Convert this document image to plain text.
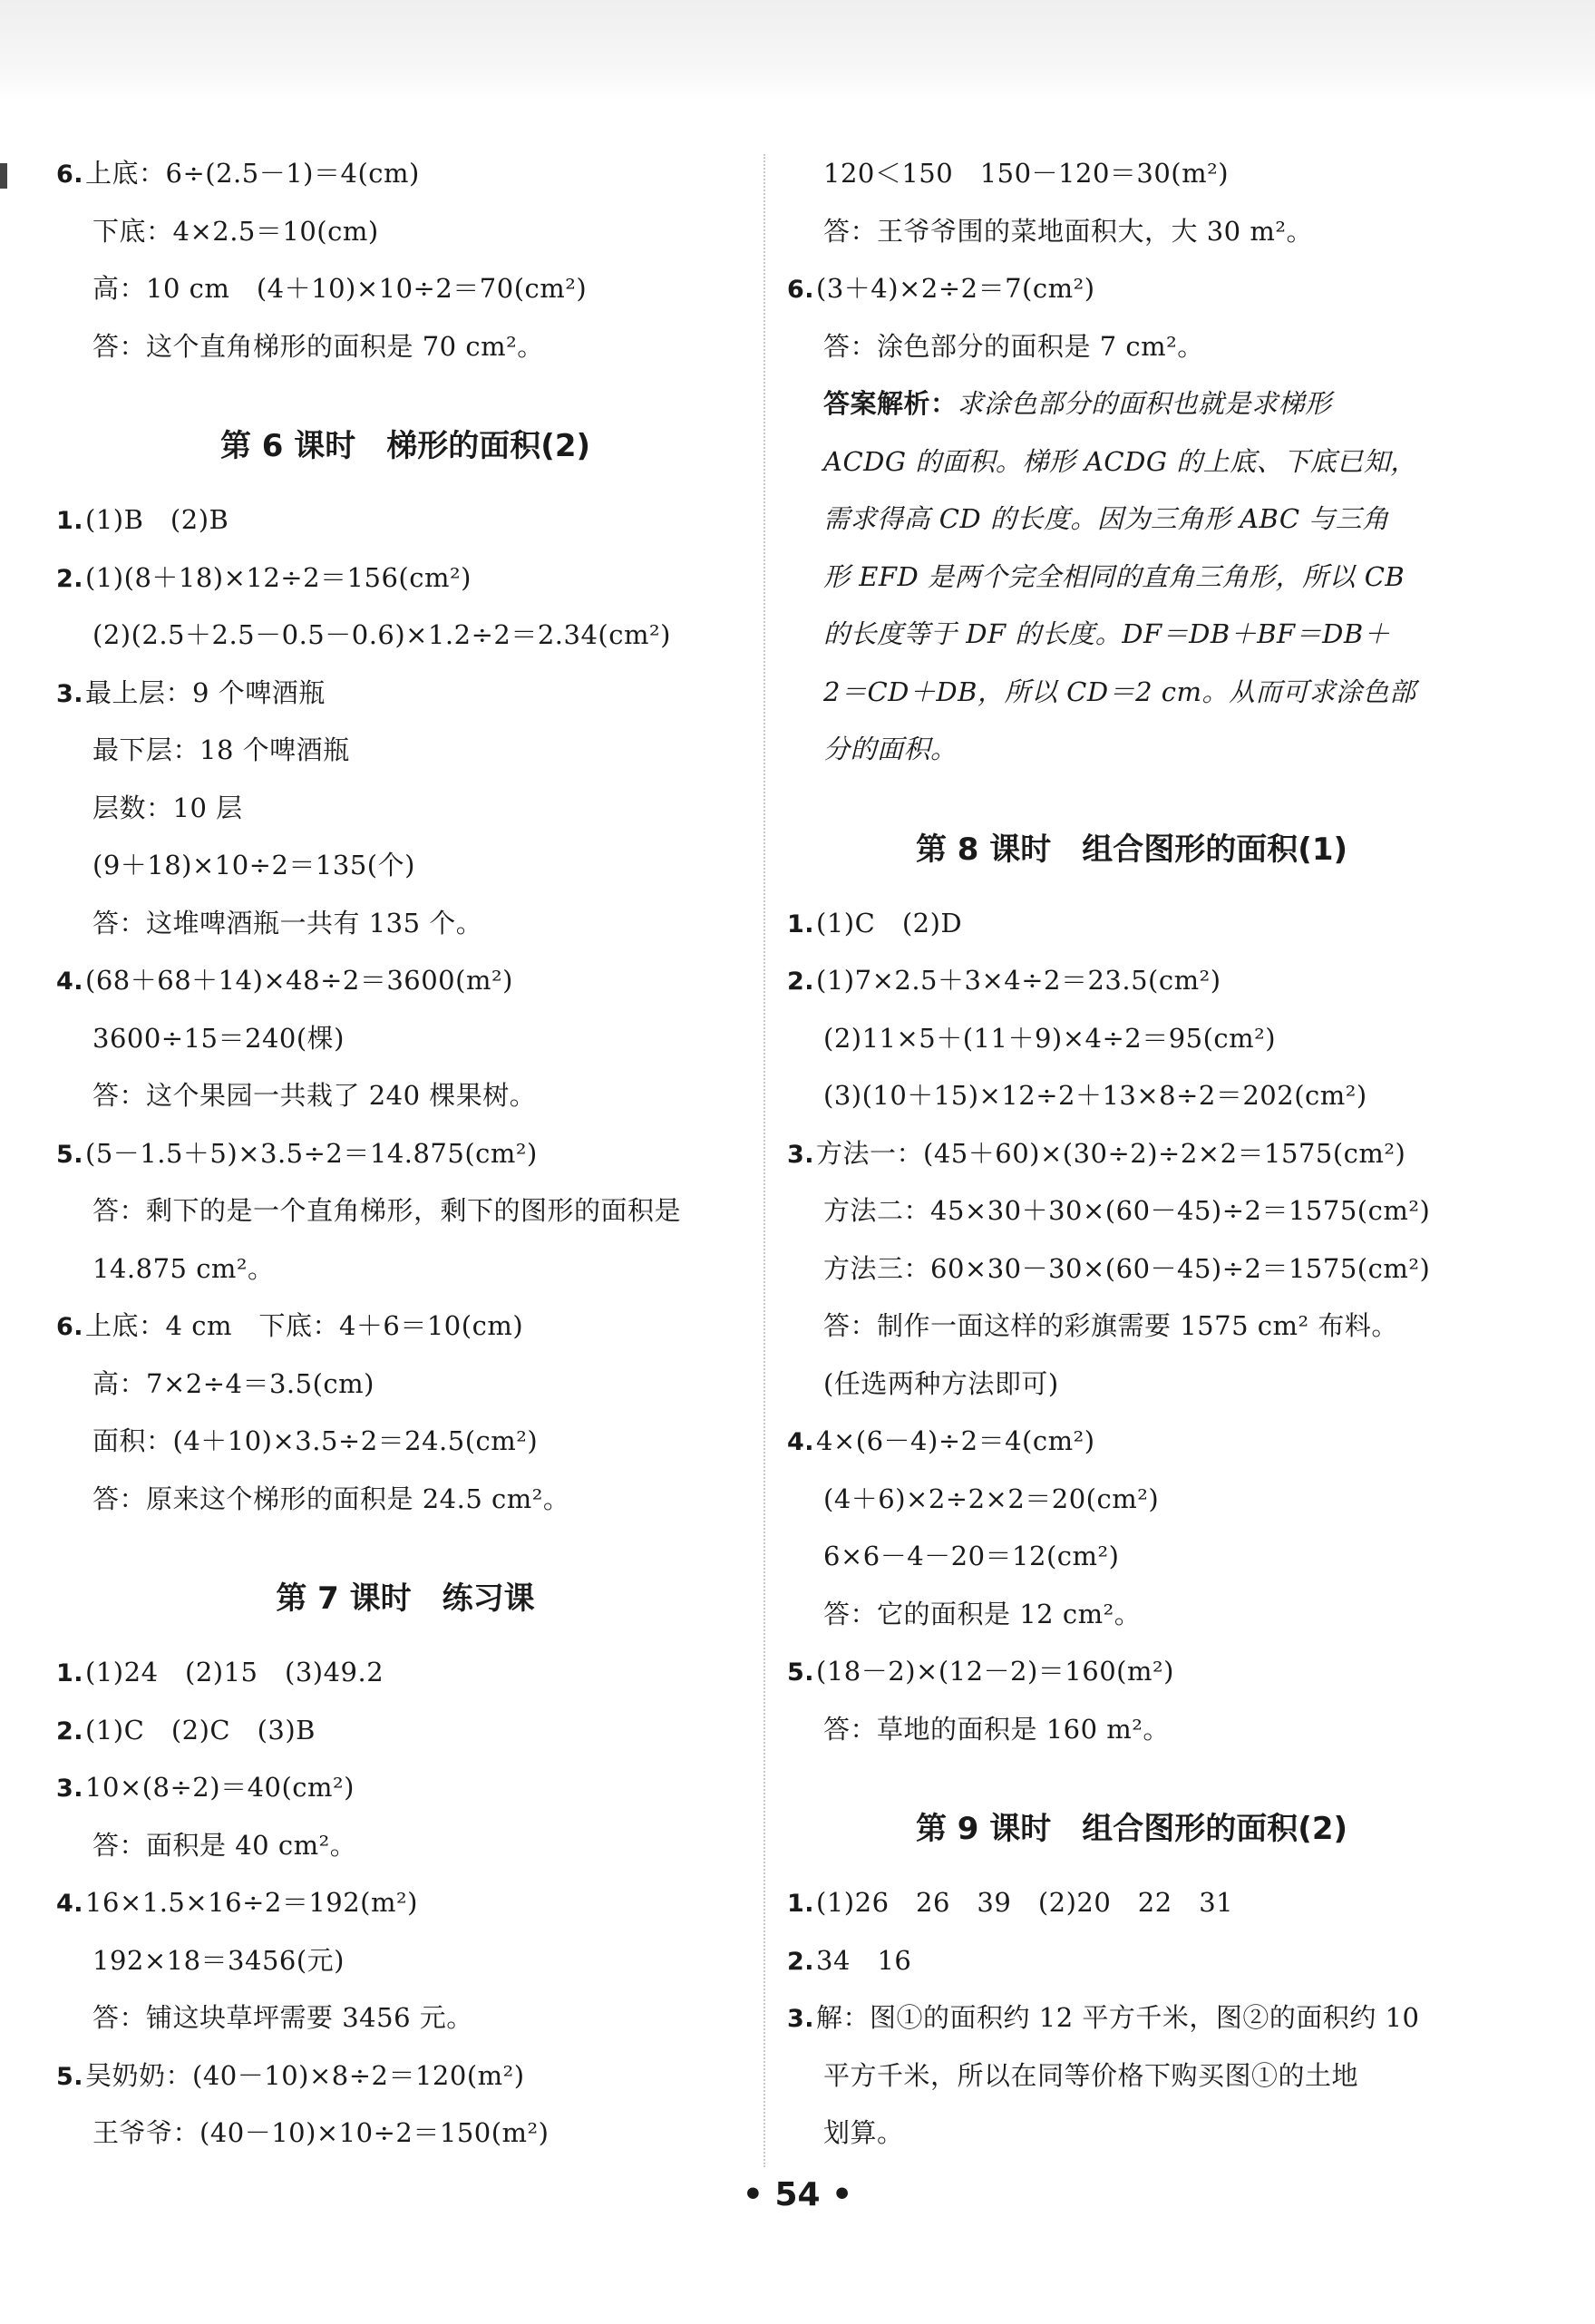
6.上底：6÷(2.5－1)＝4(cm)
下底：4×2.5＝10(cm)
高：10 cm　(4＋10)×10÷2＝70(cm²)
答：这个直角梯形的面积是 70 cm²。
第 6 课时　梯形的面积(2)
1.(1)B　(2)B
2.(1)(8＋18)×12÷2＝156(cm²)
(2)(2.5＋2.5－0.5－0.6)×1.2÷2＝2.34(cm²)
3.最上层：9 个啤酒瓶
最下层：18 个啤酒瓶
层数：10 层
(9＋18)×10÷2＝135(个)
答：这堆啤酒瓶一共有 135 个。
4.(68＋68＋14)×48÷2＝3600(m²)
3600÷15＝240(棵)
答：这个果园一共栽了 240 棵果树。
5.(5－1.5＋5)×3.5÷2＝14.875(cm²)
答：剩下的是一个直角梯形，剩下的图形的面积是
14.875 cm²。
6.上底：4 cm　下底：4＋6＝10(cm)
高：7×2÷4＝3.5(cm)
面积：(4＋10)×3.5÷2＝24.5(cm²)
答：原来这个梯形的面积是 24.5 cm²。
第 7 课时　练习课
1.(1)24　(2)15　(3)49.2
2.(1)C　(2)C　(3)B
3.10×(8÷2)＝40(cm²)
答：面积是 40 cm²。
4.16×1.5×16÷2＝192(m²)
192×18＝3456(元)
答：铺这块草坪需要 3456 元。
5.吴奶奶：(40－10)×8÷2＝120(m²)
王爷爷：(40－10)×10÷2＝150(m²)
120＜150　150－120＝30(m²)
答：王爷爷围的菜地面积大，大 30 m²。
6.(3＋4)×2÷2＝7(cm²)
答：涂色部分的面积是 7 cm²。
答案解析：求涂色部分的面积也就是求梯形
ACDG 的面积。梯形 ACDG 的上底、下底已知，
需求得高 CD 的长度。因为三角形 ABC 与三角
形 EFD 是两个完全相同的直角三角形，所以 CB
的长度等于 DF 的长度。DF＝DB＋BF＝DB＋
2＝CD＋DB，所以 CD＝2 cm。从而可求涂色部
分的面积。
第 8 课时　组合图形的面积(1)
1.(1)C　(2)D
2.(1)7×2.5＋3×4÷2＝23.5(cm²)
(2)11×5＋(11＋9)×4÷2＝95(cm²)
(3)(10＋15)×12÷2＋13×8÷2＝202(cm²)
3.方法一：(45＋60)×(30÷2)÷2×2＝1575(cm²)
方法二：45×30＋30×(60－45)÷2＝1575(cm²)
方法三：60×30－30×(60－45)÷2＝1575(cm²)
答：制作一面这样的彩旗需要 1575 cm² 布料。
(任选两种方法即可)
4.4×(6－4)÷2＝4(cm²)
(4＋6)×2÷2×2＝20(cm²)
6×6－4－20＝12(cm²)
答：它的面积是 12 cm²。
5.(18－2)×(12－2)＝160(m²)
答：草地的面积是 160 m²。
第 9 课时　组合图形的面积(2)
1.(1)26　26　39　(2)20　22　31
2.34　16
3.解：图①的面积约 12 平方千米，图②的面积约 10
平方千米，所以在同等价格下购买图①的土地
划算。
• 54 •
